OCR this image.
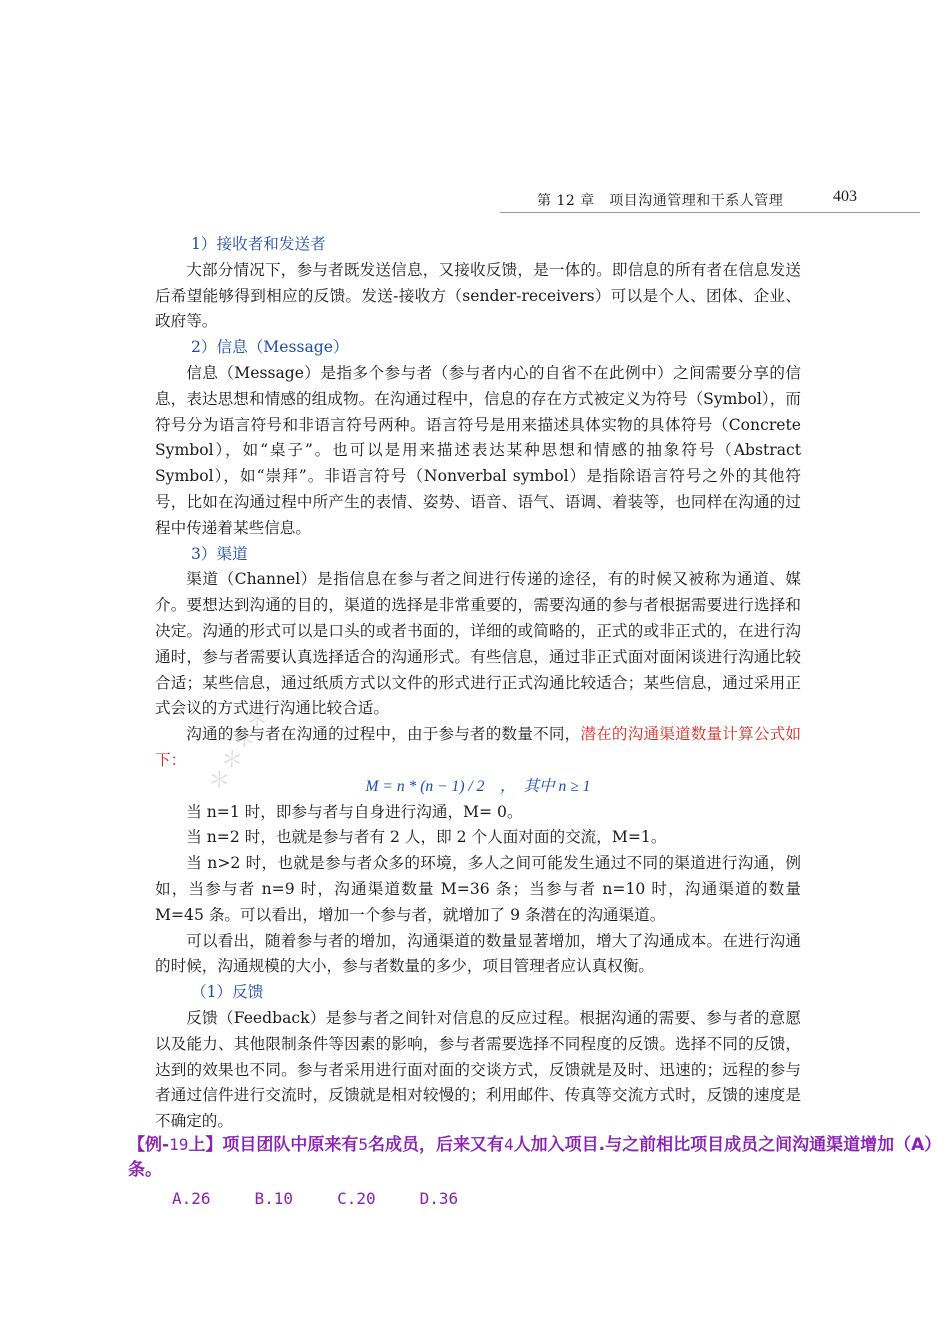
＊＊＊＊
第 12 章　项目沟通管理和干系人管理	403

1）接收者和发送者

大部分情况下，参与者既发送信息，又接收反馈，是一体的。即信息的所有者在信息发送后希望能够得到相应的反馈。发送-接收方（sender-receivers）可以是个人、团体、企业、政府等。

2）信息（Message）

信息（Message）是指多个参与者（参与者内心的自省不在此例中）之间需要分享的信息，表达思想和情感的组成物。在沟通过程中，信息的存在方式被定义为符号（Symbol），而符号分为语言符号和非语言符号两种。语言符号是用来描述具体实物的具体符号（Concrete Symbol），如“桌子”。也可以是用来描述表达某种思想和情感的抽象符号（Abstract Symbol），如“崇拜”。非语言符号（Nonverbal symbol）是指除语言符号之外的其他符号，比如在沟通过程中所产生的表情、姿势、语音、语气、语调、着装等，也同样在沟通的过程中传递着某些信息。

3）渠道

渠道（Channel）是指信息在参与者之间进行传递的途径，有的时候又被称为通道、媒介。要想达到沟通的目的，渠道的选择是非常重要的，需要沟通的参与者根据需要进行选择和决定。沟通的形式可以是口头的或者书面的，详细的或简略的，正式的或非正式的，在进行沟通时，参与者需要认真选择适合的沟通形式。有些信息，通过非正式面对面闲谈进行沟通比较合适；某些信息，通过纸质方式以文件的形式进行正式沟通比较适合；某些信息，通过采用正式会议的方式进行沟通比较合适。

沟通的参与者在沟通的过程中，由于参与者的数量不同，潜在的沟通渠道数量计算公式如下：

M = n * (n − 1) / 2　，　其中 n ≥ 1

当 n=1 时，即参与者与自身进行沟通，M= 0。

当 n=2 时，也就是参与者有 2 人，即 2 个人面对面的交流，M=1。

当 n>2 时，也就是参与者众多的环境，多人之间可能发生通过不同的渠道进行沟通，例如，当参与者 n=9 时，沟通渠道数量 M=36 条；当参与者 n=10 时，沟通渠道的数量 M=45 条。可以看出，增加一个参与者，就增加了 9 条潜在的沟通渠道。

可以看出，随着参与者的增加，沟通渠道的数量显著增加，增大了沟通成本。在进行沟通的时候，沟通规模的大小，参与者数量的多少，项目管理者应认真权衡。

（1）反馈

反馈（Feedback）是参与者之间针对信息的反应过程。根据沟通的需要、参与者的意愿以及能力、其他限制条件等因素的影响，参与者需要选择不同程度的反馈。选择不同的反馈，达到的效果也不同。参与者采用进行面对面的交谈方式，反馈就是及时、迅速的；远程的参与者通过信件进行交流时，反馈就是相对较慢的；利用邮件、传真等交流方式时，反馈的速度是不确定的。

【例-19上】项目团队中原来有5名成员，后来又有4人加入项目.与之前相比项目成员之间沟通渠道增加（A）条。

A.26	B.10	C.20	D.36
